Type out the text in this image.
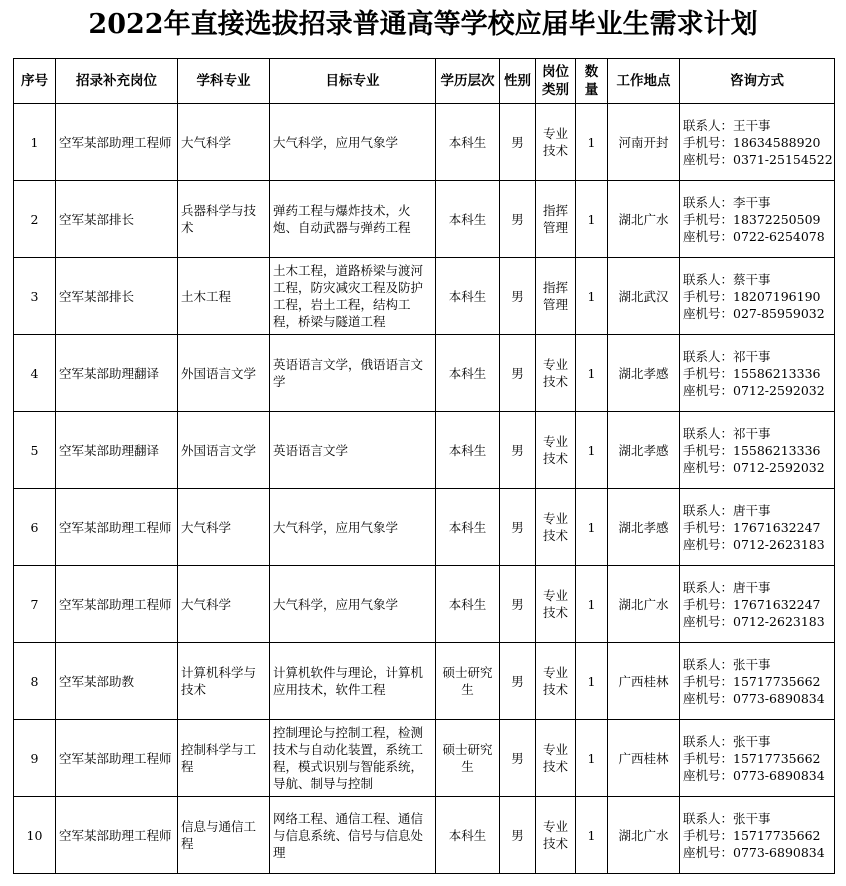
2022年直接选拔招录普通高等学校应届毕业生需求计划
序号	招录补充岗位	学科专业	目标专业	学历层次	性别	岗位类别	数量	工作地点	咨询方式
1	空军某部助理工程师	大气科学	大气科学，应用气象学	本科生	男	专业技术	1	河南开封	联系人：王干事
手机号：18634588920
座机号：0371-25154522

2	空军某部排长	兵器科学与技术	弹药工程与爆炸技术，火炮、自动武器与弹药工程	本科生	男	指挥管理	1	湖北广水	联系人：李干事
手机号：18372250509
座机号：0722-6254078

3	空军某部排长	土木工程	土木工程，道路桥梁与渡河工程，防灾减灾工程及防护工程，岩土工程，结构工程，桥梁与隧道工程	本科生	男	指挥管理	1	湖北武汉	联系人：蔡干事
手机号：18207196190
座机号：027-85959032

4	空军某部助理翻译	外国语言文学	英语语言文学，俄语语言文学	本科生	男	专业技术	1	湖北孝感	联系人：祁干事
手机号：15586213336
座机号：0712-2592032

5	空军某部助理翻译	外国语言文学	英语语言文学	本科生	男	专业技术	1	湖北孝感	联系人：祁干事
手机号：15586213336
座机号：0712-2592032

6	空军某部助理工程师	大气科学	大气科学，应用气象学	本科生	男	专业技术	1	湖北孝感	联系人：唐干事
手机号：17671632247
座机号：0712-2623183

7	空军某部助理工程师	大气科学	大气科学，应用气象学	本科生	男	专业技术	1	湖北广水	联系人：唐干事
手机号：17671632247
座机号：0712-2623183

8	空军某部助教	计算机科学与技术	计算机软件与理论，计算机应用技术，软件工程	硕士研究生	男	专业技术	1	广西桂林	联系人：张干事
手机号：15717735662
座机号：0773-6890834

9	空军某部助理工程师	控制科学与工程	控制理论与控制工程，检测技术与自动化装置，系统工程，模式识别与智能系统，导航、制导与控制	硕士研究生	男	专业技术	1	广西桂林	联系人：张干事
手机号：15717735662
座机号：0773-6890834

10	空军某部助理工程师	信息与通信工程	网络工程、通信工程、通信与信息系统、信号与信息处理	本科生	男	专业技术	1	湖北广水	联系人：张干事
手机号：15717735662
座机号：0773-6890834
